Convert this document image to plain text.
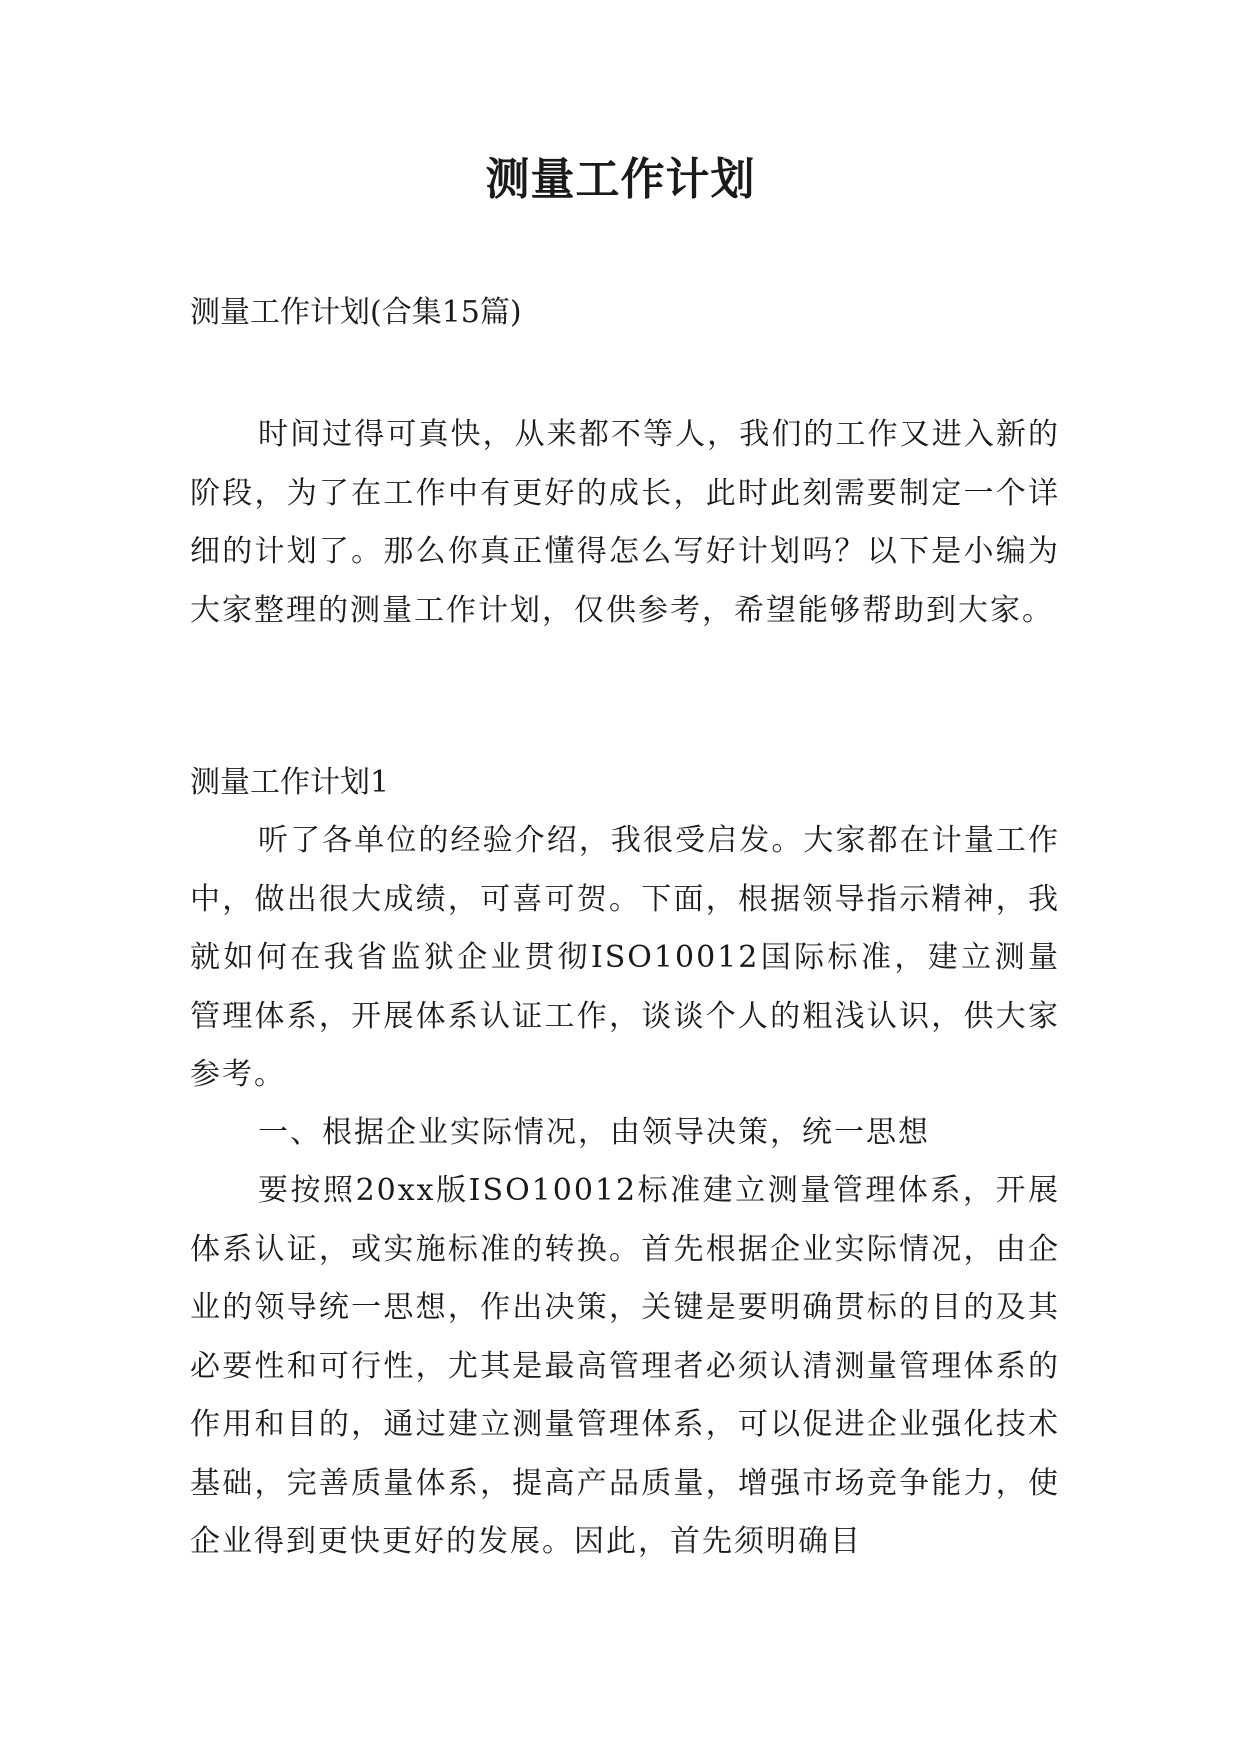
测量工作计划

测量工作计划(合集15篇)

时间过得可真快，从来都不等人，我们的工作又进入新的阶段，为了在工作中有更好的成长，此时此刻需要制定一个详细的计划了。那么你真正懂得怎么写好计划吗？以下是小编为大家整理的测量工作计划，仅供参考，希望能够帮助到大家。

测量工作计划1

听了各单位的经验介绍，我很受启发。大家都在计量工作中，做出很大成绩，可喜可贺。下面，根据领导指示精神，我就如何在我省监狱企业贯彻ISO10012国际标准，建立测量管理体系，开展体系认证工作，谈谈个人的粗浅认识，供大家参考。

一、根据企业实际情况，由领导决策，统一思想

要按照20xx版ISO10012标准建立测量管理体系，开展体系认证，或实施标准的转换。首先根据企业实际情况，由企业的领导统一思想，作出决策，关键是要明确贯标的目的及其必要性和可行性，尤其是最高管理者必须认清测量管理体系的作用和目的，通过建立测量管理体系，可以促进企业强化技术基础，完善质量体系，提高产品质量，增强市场竞争能力，使企业得到更快更好的发展。因此，首先须明确目
